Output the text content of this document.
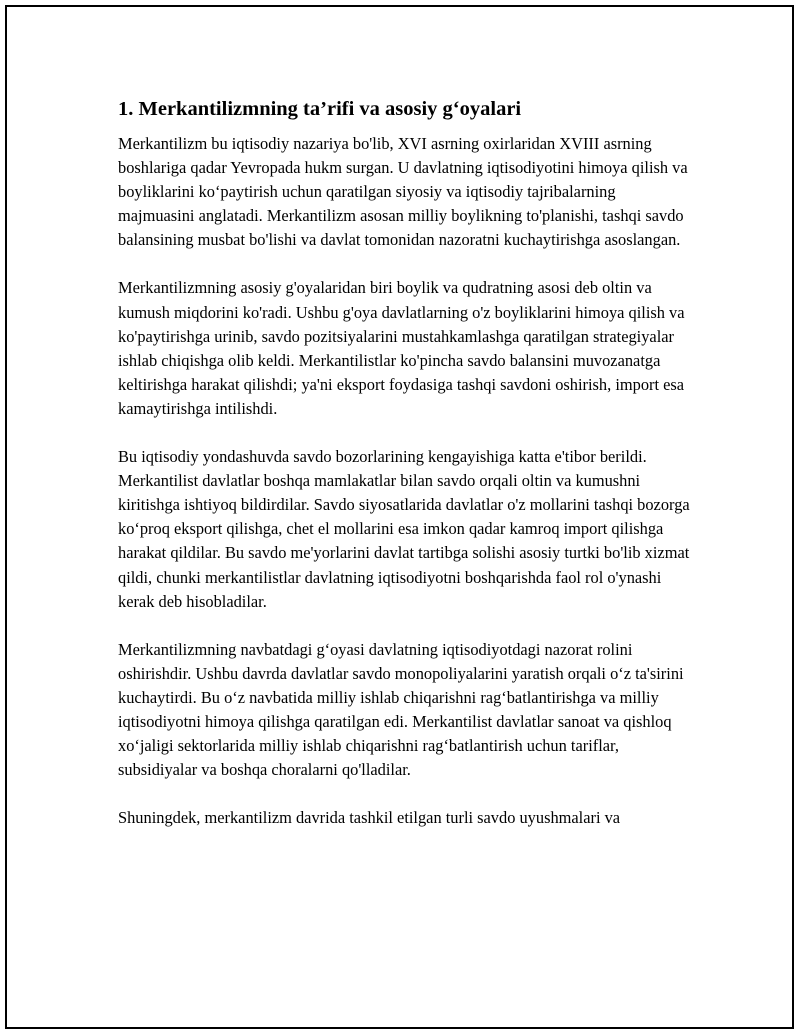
1. Merkantilizmning ta’rifi va asosiy g‘oyalari

Merkantilizm bu iqtisodiy nazariya bo'lib, XVI asrning oxirlaridan XVIII asrning boshlariga qadar Yevropada hukm surgan. U davlatning iqtisodiyotini himoya qilish va boyliklarini ko‘paytirish uchun qaratilgan siyosiy va iqtisodiy tajribalarning majmuasini anglatadi. Merkantilizm asosan milliy boylikning to'planishi, tashqi savdo balansining musbat bo'lishi va davlat tomonidan nazoratni kuchaytirishga asoslangan.

Merkantilizmning asosiy g'oyalaridan biri boylik va qudratning asosi deb oltin va kumush miqdorini ko'radi. Ushbu g'oya davlatlarning o'z boyliklarini himoya qilish va ko'paytirishga urinib, savdo pozitsiyalarini mustahkamlashga qaratilgan strategiyalar ishlab chiqishga olib keldi. Merkantilistlar ko'pincha savdo balansini muvozanatga keltirishga harakat qilishdi; ya'ni eksport foydasiga tashqi savdoni oshirish, import esa kamaytirishga intilishdi.

Bu iqtisodiy yondashuvda savdo bozorlarining kengayishiga katta e'tibor berildi. Merkantilist davlatlar boshqa mamlakatlar bilan savdo orqali oltin va kumushni kiritishga ishtiyoq bildirdilar. Savdo siyosatlarida davlatlar o'z mollarini tashqi bozorga ko‘proq eksport qilishga, chet el mollarini esa imkon qadar kamroq import qilishga harakat qildilar. Bu savdo me'yorlarini davlat tartibga solishi asosiy turtki bo'lib xizmat qildi, chunki merkantilistlar davlatning iqtisodiyotni boshqarishda faol rol o'ynashi kerak deb hisobladilar.

Merkantilizmning navbatdagi g‘oyasi davlatning iqtisodiyotdagi nazorat rolini oshirishdir. Ushbu davrda davlatlar savdo monopoliyalarini yaratish orqali o‘z ta'sirini kuchaytirdi. Bu o‘z navbatida milliy ishlab chiqarishni rag‘batlantirishga va milliy iqtisodiyotni himoya qilishga qaratilgan edi. Merkantilist davlatlar sanoat va qishloq xo‘jaligi sektorlarida milliy ishlab chiqarishni rag‘batlantirish uchun tariflar, subsidiyalar va boshqa choralarni qo'lladilar.

Shuningdek, merkantilizm davrida tashkil etilgan turli savdo uyushmalari va
